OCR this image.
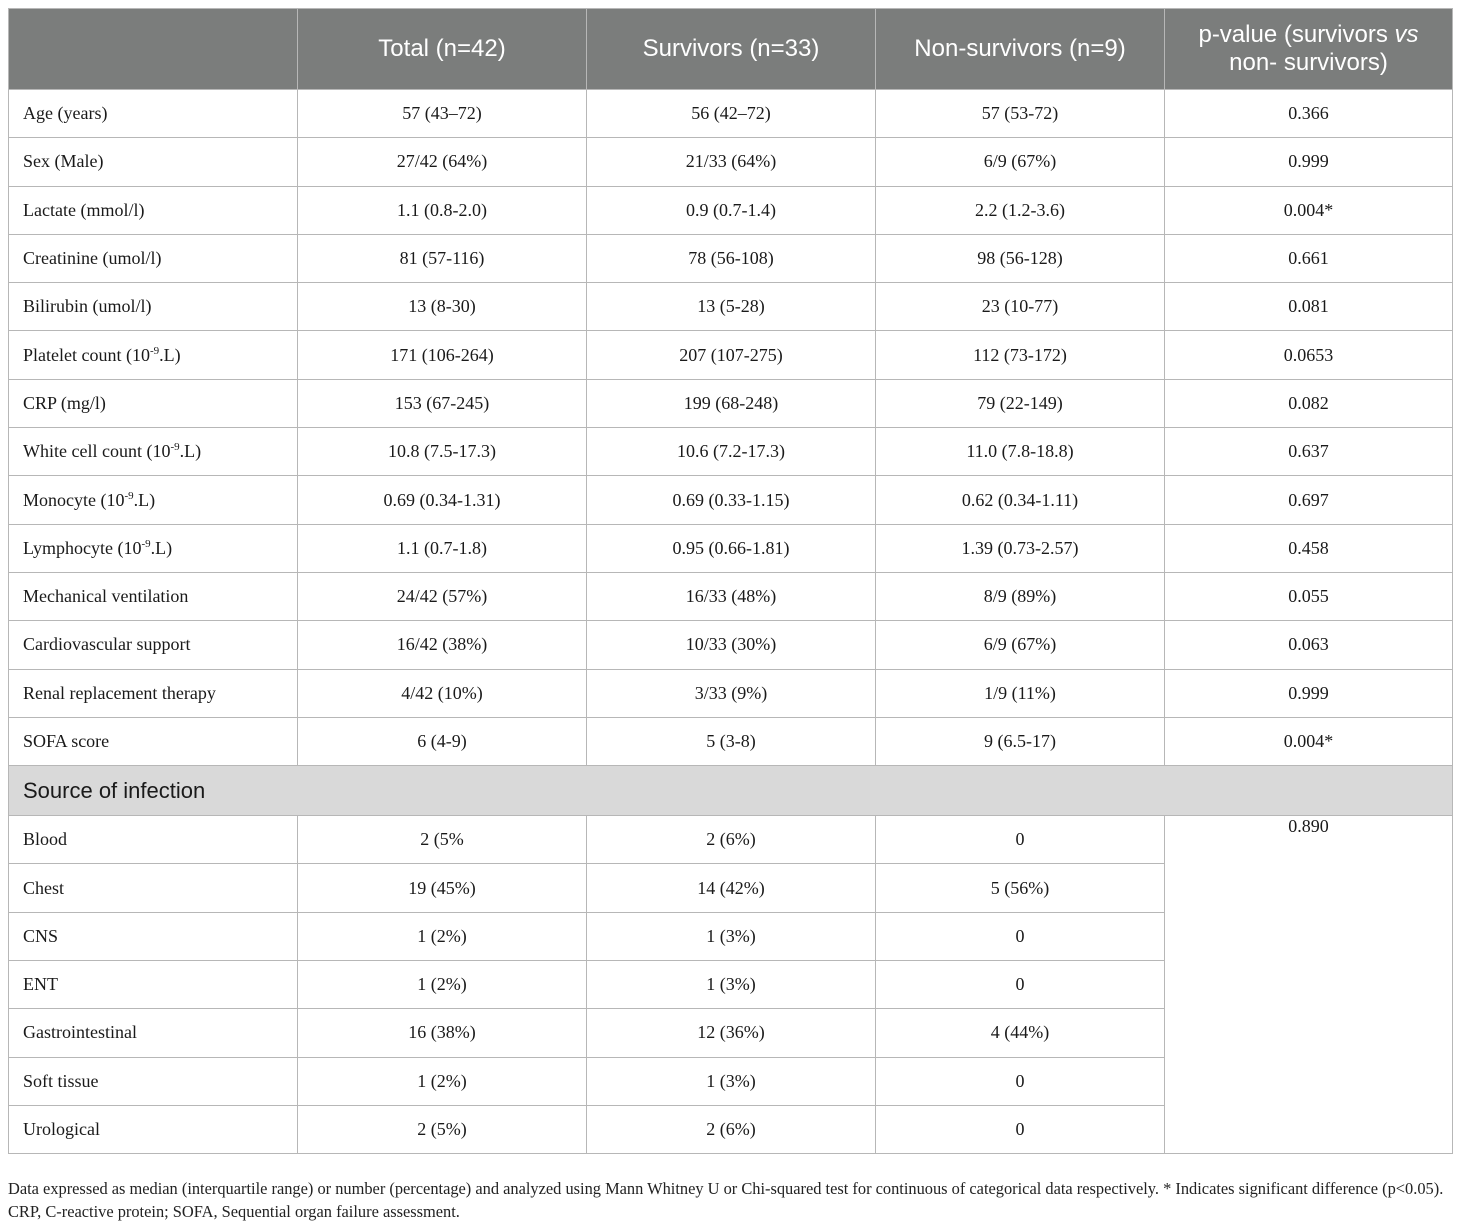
	Total (n=42)	Survivors (n=33)	Non-survivors (n=9)	p-value (survivors vs non- survivors)
Age (years)	57 (43–72)	56 (42–72)	57 (53-72)	0.366
Sex (Male)	27/42 (64%)	21/33 (64%)	6/9 (67%)	0.999
Lactate (mmol/l)	1.1 (0.8-2.0)	0.9 (0.7-1.4)	2.2 (1.2-3.6)	0.004*
Creatinine (umol/l)	81 (57-116)	78 (56-108)	98 (56-128)	0.661
Bilirubin (umol/l)	13 (8-30)	13 (5-28)	23 (10-77)	0.081
Platelet count $(10^{-9}.L)$	171 (106-264)	207 (107-275)	112 (73-172)	0.0653
CRP (mg/l)	153 (67-245)	199 (68-248)	79 (22-149)	0.082
White cell count $(10^{-9}.L)$	10.8 (7.5-17.3)	10.6 (7.2-17.3)	11.0 (7.8-18.8)	0.637
Monocyte $(10^{-9}.L)$	0.69 (0.34-1.31)	0.69 (0.33-1.15)	0.62 (0.34-1.11)	0.697
Lymphocyte $(10^{-9}.L)$	1.1 (0.7-1.8)	0.95 (0.66-1.81)	1.39 (0.73-2.57)	0.458
Mechanical ventilation	24/42 (57%)	16/33 (48%)	8/9 (89%)	0.055
Cardiovascular support	16/42 (38%)	10/33 (30%)	6/9 (67%)	0.063
Renal replacement therapy	4/42 (10%)	3/33 (9%)	1/9 (11%)	0.999
SOFA score	6 (4-9)	5 (3-8)	9 (6.5-17)	0.004*
Source of infection				
Blood	2 (5%	2 (6%)	0	0.890
Chest	19 (45%)	14 (42%)	5 (56%)	
CNS	1 (2%)	1 (3%)	0	
ENT	1 (2%)	1 (3%)	0	
Gastrointestinal	16 (38%)	12 (36%)	4 (44%)	
Soft tissue	1 (2%)	1 (3%)	0	
Urological	2 (5%)	2 (6%)	0	

Data expressed as median (interquartile range) or number (percentage) and analyzed using Mann Whitney U or Chi-squared test for continuous of categorical data respectively. * Indicates significant difference (p<0.05). CRP, C-reactive protein; SOFA, Sequential organ failure assessment.
